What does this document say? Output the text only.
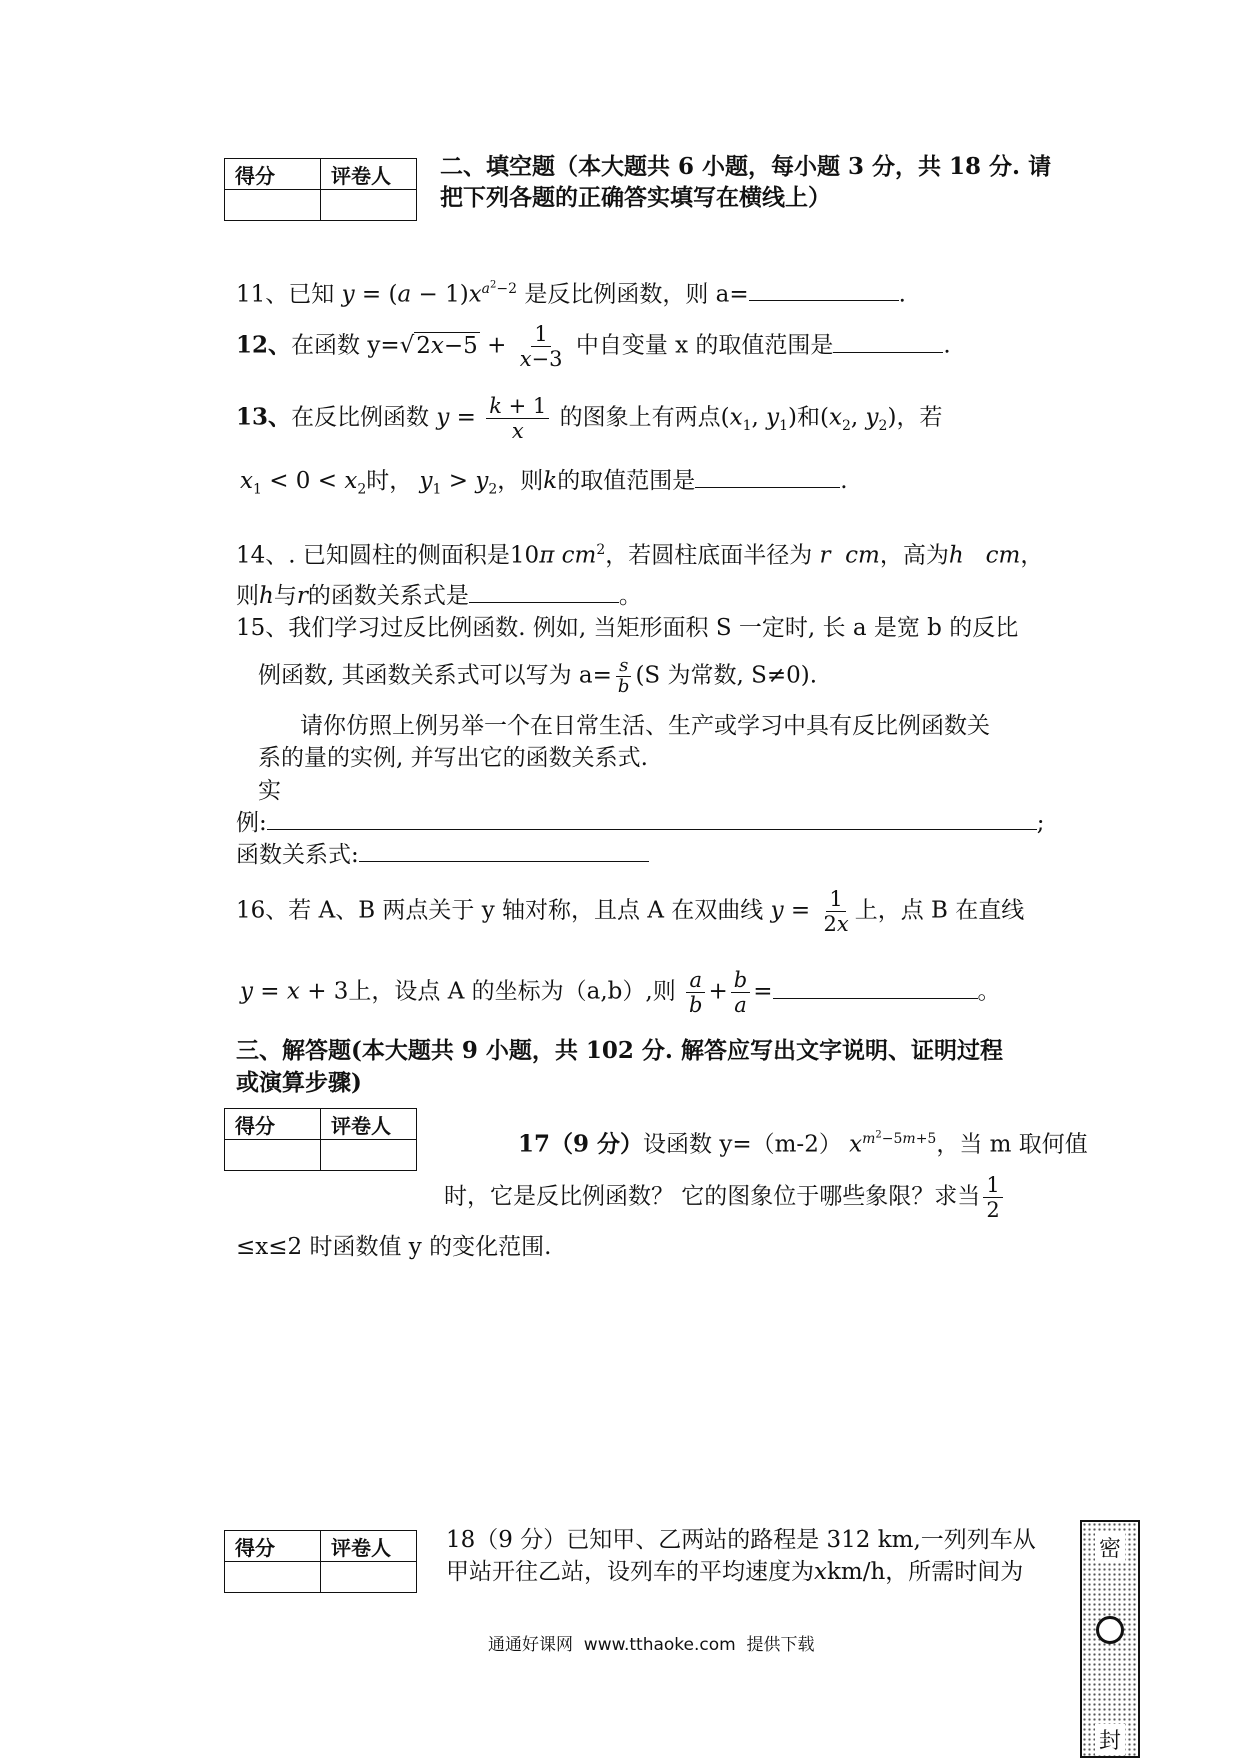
得分	评卷人
	二、填空题（本大题共 6 小题，每小题 3 分，共 18 分. 请
把下列各题的正确答实填写在横线上）
11、已知 $y = (a - 1)x^{a^2-2}$ 是反比例函数，则 a=	.
12、在函数 $y=√2x-5 + \frac{1}{x-3}$ 中自变量 x 的取值范围是	.
13、在反比例函数 $y = \frac{k + 1}{x}$ 的图象上有两点($x_1$, $y_1$)和($x_2$, $y_2$)，若
$x_1 < 0 < x_2$时， $y_1 > y_2$，则k的取值范围是	.
14、. 已知圆柱的侧面积是10π $cm^2$，若圆柱底面半径为 r cm，高为h cm，
则h与r的函数关系式是	。
15、我们学习过反比例函数. 例如, 当矩形面积 S 一定时, 长 a 是宽 b 的反比
例函数, 其函数关系式可以写为 $a= \frac{s}{b} (S$ 为常数, S≠0).
请你仿照上例另举一个在日常生活、生产或学习中具有反比例函数关
系的量的实例, 并写出它的函数关系式.
实
例:	;
函数关系式:
16、若 A、B 两点关于 y 轴对称，且点 A 在双曲线 $y = \frac{1}{2x}$ 上，点 B 在直线
y = x + 3上，设点 A 的坐标为（a,b）,则 $\frac{a}{b} + \frac{b}{a}$ =	。
三、解答题(本大题共 9 小题，共 102 分. 解答应写出文字说明、证明过程
或演算步骤)
得分	评卷人

17（9 分）设函数 y=（m-2） $x^{m^2-5m+5}$，当 m 取何值
时，它是反比例函数？ 它的图象位于哪些象限？求当 $\frac{1}{2}$
≤x≤2 时函数值 y 的变化范围.
得分	评卷人
	18（9 分）已知甲、乙两站的路程是 312 km,一列列车从
甲站开往乙站，设列车的平均速度为xkm/h，所需时间为
通通好课网  www.tthaoke.com  提供下载
密
封
